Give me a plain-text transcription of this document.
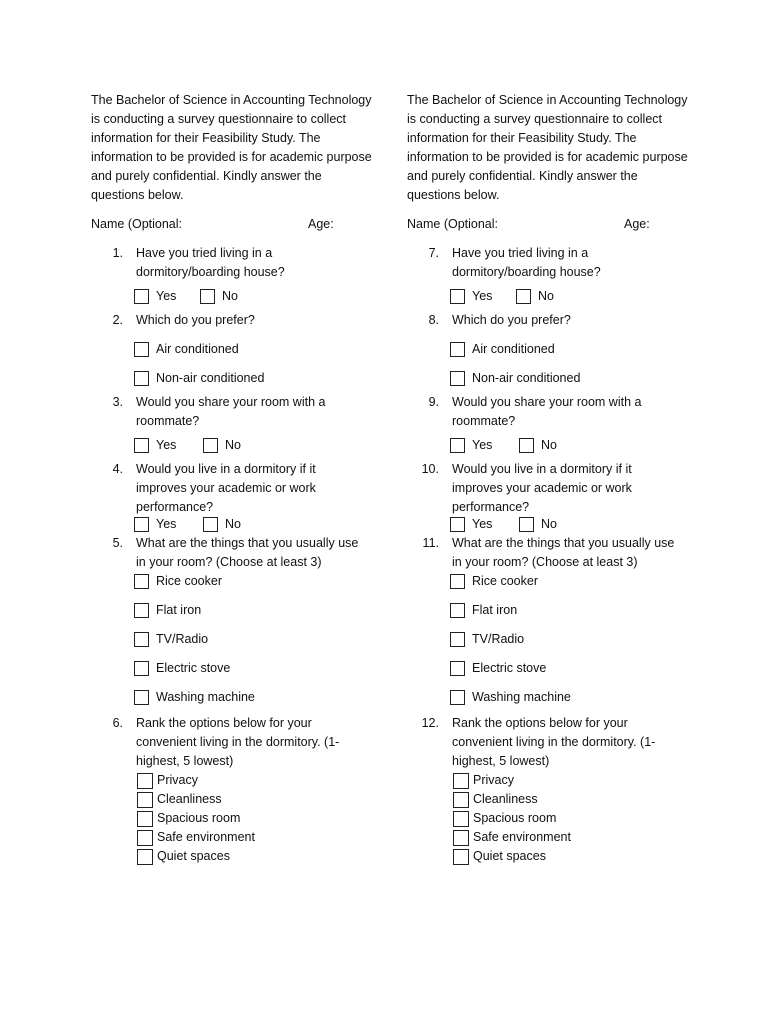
The Bachelor of Science in Accounting Technology is conducting a survey questionnaire to collect information for their Feasibility Study. The information to be provided is for academic purpose and purely confidential. Kindly answer the questions below.

Name (Optional:	Age:
1. Have you tried living in a dormitory/boarding house?
Yes	No
2. Which do you prefer?
Air conditioned
Non-air conditioned
3. Would you share your room with a roommate?
Yes	No
4. Would you live in a dormitory if it improves your academic or work performance?
Yes	No
5. What are the things that you usually use in your room? (Choose at least 3)
Rice cooker
Flat iron
TV/Radio
Electric stove
Washing machine
6. Rank the options below for your convenient living in the dormitory. (1-highest, 5 lowest)
Privacy
Cleanliness
Spacious room
Safe environment
Quiet spaces

The Bachelor of Science in Accounting Technology is conducting a survey questionnaire to collect information for their Feasibility Study. The information to be provided is for academic purpose and purely confidential. Kindly answer the questions below.

Name (Optional:	Age:
7. Have you tried living in a dormitory/boarding house?
Yes	No
8. Which do you prefer?
Air conditioned
Non-air conditioned
9. Would you share your room with a roommate?
Yes	No
10. Would you live in a dormitory if it improves your academic or work performance?
Yes	No
11. What are the things that you usually use in your room? (Choose at least 3)
Rice cooker
Flat iron
TV/Radio
Electric stove
Washing machine
12. Rank the options below for your convenient living in the dormitory. (1-highest, 5 lowest)
Privacy
Cleanliness
Spacious room
Safe environment
Quiet spaces
